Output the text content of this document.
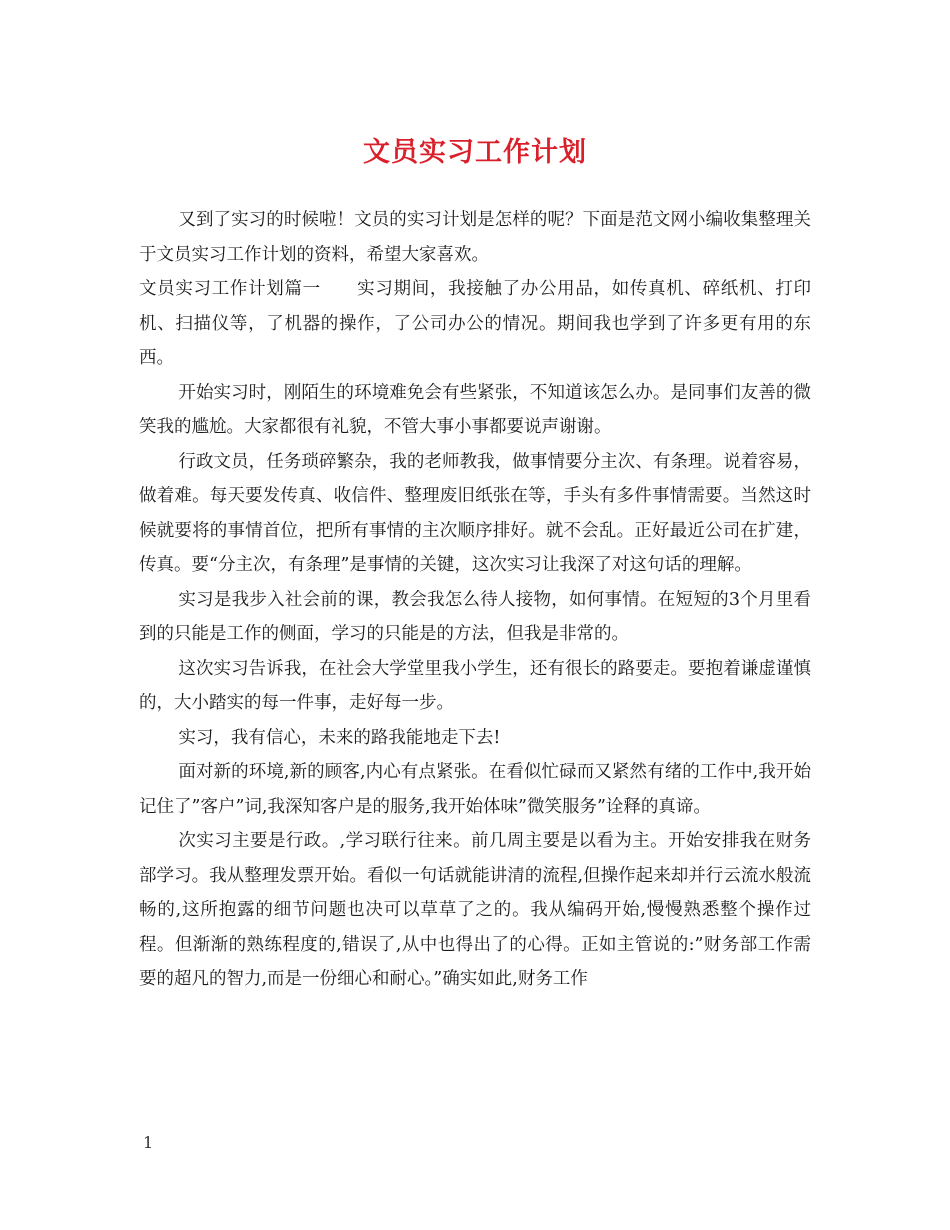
文员实习工作计划

又到了实习的时候啦！文员的实习计划是怎样的呢？下面是范文网小编收集整理关于文员实习工作计划的资料，希望大家喜欢。

文员实习工作计划篇一　　实习期间，我接触了办公用品，如传真机、碎纸机、打印机、扫描仪等，了机器的操作，了公司办公的情况。期间我也学到了许多更有用的东西。

开始实习时，刚陌生的环境难免会有些紧张，不知道该怎么办。是同事们友善的微笑我的尴尬。大家都很有礼貌，不管大事小事都要说声谢谢。

行政文员，任务琐碎繁杂，我的老师教我，做事情要分主次、有条理。说着容易，做着难。每天要发传真、收信件、整理废旧纸张在等，手头有多件事情需要。当然这时候就要将的事情首位，把所有事情的主次顺序排好。就不会乱。正好最近公司在扩建，传真。要“分主次，有条理”是事情的关键，这次实习让我深了对这句话的理解。

实习是我步入社会前的课，教会我怎么待人接物，如何事情。在短短的3个月里看到的只能是工作的侧面，学习的只能是的方法，但我是非常的。

这次实习告诉我，在社会大学堂里我小学生，还有很长的路要走。要抱着谦虚谨慎的，大小踏实的每一件事，走好每一步。

实习，我有信心，未来的路我能地走下去!

面对新的环境,新的顾客,内心有点紧张。在看似忙碌而又紧然有绪的工作中,我开始记住了”客户”词,我深知客户是的服务,我开始体味”微笑服务”诠释的真谛。

次实习主要是行政。,学习联行往来。前几周主要是以看为主。开始安排我在财务部学习。我从整理发票开始。看似一句话就能讲清的流程,但操作起来却并行云流水般流畅的,这所抱露的细节问题也决可以草草了之的。我从编码开始,慢慢熟悉整个操作过程。但渐渐的熟练程度的,错误了,从中也得出了的心得。正如主管说的:”财务部工作需要的超凡的智力,而是一份细心和耐心。”确实如此,财务工作

1
